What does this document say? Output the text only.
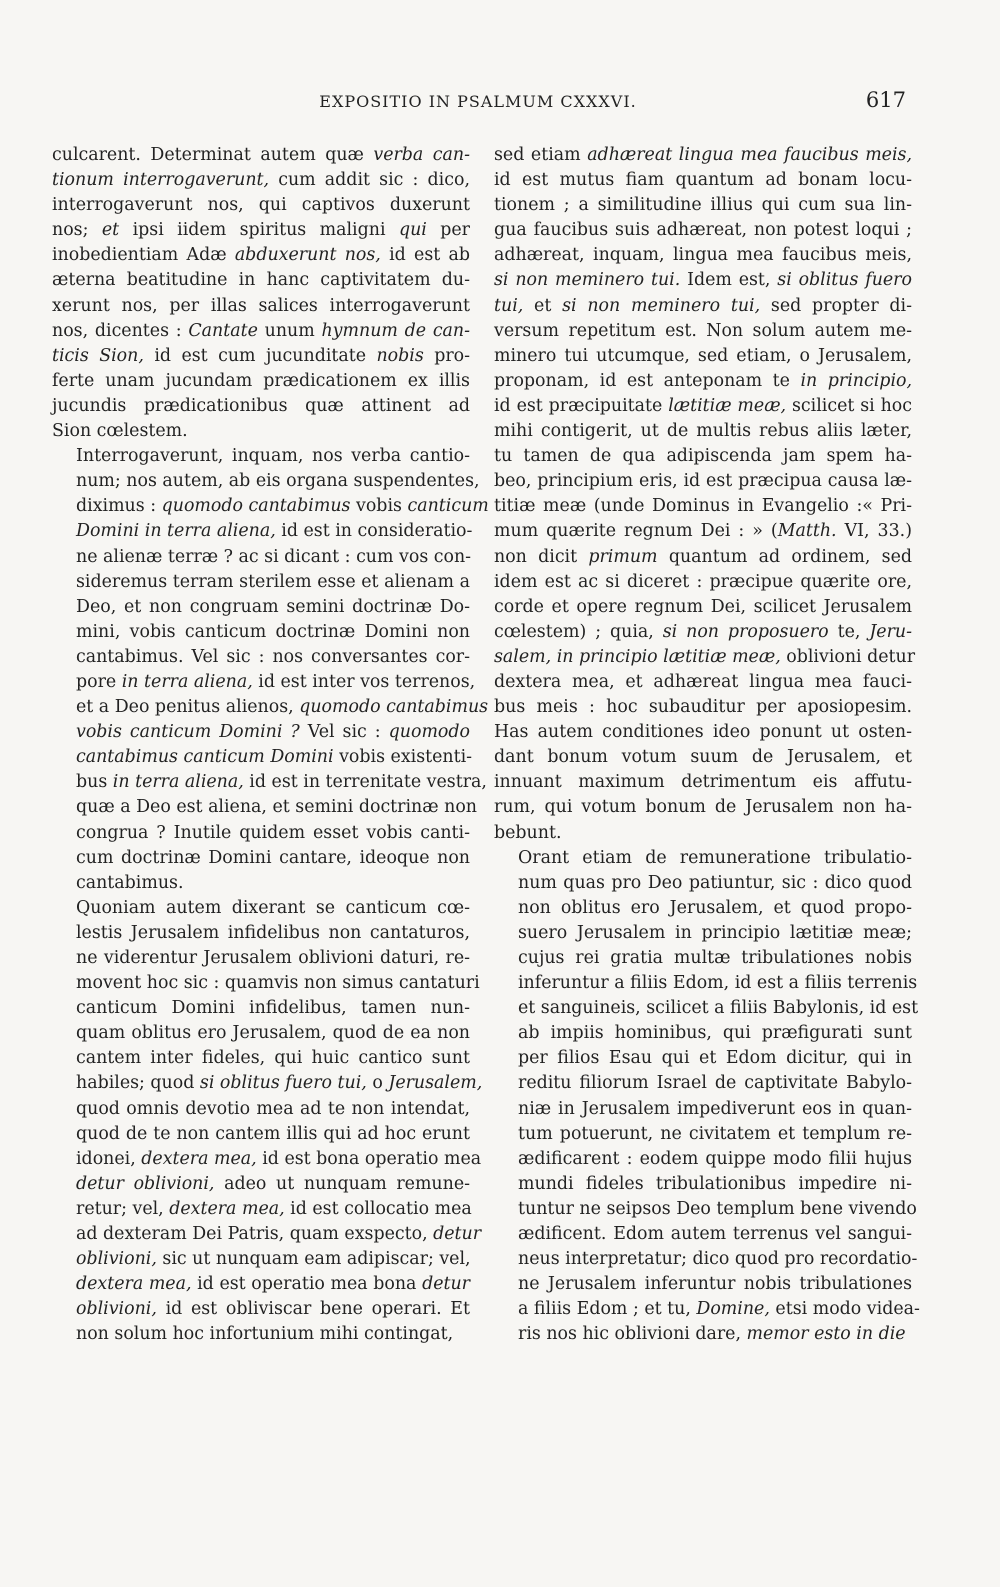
EXPOSITIO IN PSALMUM CXXXVI.	617

culcarent. Determinat autem quæ verba can-
tionum interrogaverunt, cum addit sic : dico,
interrogaverunt nos, qui captivos duxerunt
nos; et ipsi iidem spiritus maligni qui per
inobedientiam Adæ abduxerunt nos, id est ab
æterna beatitudine in hanc captivitatem du-
xerunt nos, per illas salices interrogaverunt
nos, dicentes : Cantate unum hymnum de can-
ticis Sion, id est cum jucunditate nobis pro-
ferte unam jucundam prædicationem ex illis
jucundis prædicationibus quæ attinent ad
Sion cœlestem.

Interrogaverunt, inquam, nos verba cantio-
num; nos autem, ab eis organa suspendentes,
diximus : quomodo cantabimus vobis canticum
Domini in terra aliena, id est in consideratio-
ne alienæ terræ ? ac si dicant : cum vos con-
sideremus terram sterilem esse et alienam a
Deo, et non congruam semini doctrinæ Do-
mini, vobis canticum doctrinæ Domini non
cantabimus. Vel sic : nos conversantes cor-
pore in terra aliena, id est inter vos terrenos,
et a Deo penitus alienos, quomodo cantabimus
vobis canticum Domini ? Vel sic : quomodo
cantabimus canticum Domini vobis existenti-
bus in terra aliena, id est in terrenitate vestra,
quæ a Deo est aliena, et semini doctrinæ non
congrua ? Inutile quidem esset vobis canti-
cum doctrinæ Domini cantare, ideoque non
cantabimus.

Quoniam autem dixerant se canticum cœ-
lestis Jerusalem infidelibus non cantaturos,
ne viderentur Jerusalem oblivioni daturi, re-
movent hoc sic : quamvis non simus cantaturi
canticum Domini infidelibus, tamen nun-
quam oblitus ero Jerusalem, quod de ea non
cantem inter fideles, qui huic cantico sunt
habiles; quod si oblitus fuero tui, o Jerusalem,
quod omnis devotio mea ad te non intendat,
quod de te non cantem illis qui ad hoc erunt
idonei, dextera mea, id est bona operatio mea
detur oblivioni, adeo ut nunquam remune-
retur; vel, dextera mea, id est collocatio mea
ad dexteram Dei Patris, quam exspecto, detur
oblivioni, sic ut nunquam eam adipiscar; vel,
dextera mea, id est operatio mea bona detur
oblivioni, id est obliviscar bene operari. Et
non solum hoc infortunium mihi contingat,

sed etiam adhæreat lingua mea faucibus meis,
id est mutus fiam quantum ad bonam locu-
tionem ; a similitudine illius qui cum sua lin-
gua faucibus suis adhæreat, non potest loqui ;
adhæreat, inquam, lingua mea faucibus meis,
si non meminero tui. Idem est, si oblitus fuero
tui, et si non meminero tui, sed propter di-
versum repetitum est. Non solum autem me-
minero tui utcumque, sed etiam, o Jerusalem,
proponam, id est anteponam te in principio,
id est præcipuitate lætitiæ meæ, scilicet si hoc
mihi contigerit, ut de multis rebus aliis læter,
tu tamen de qua adipiscenda jam spem ha-
beo, principium eris, id est præcipua causa læ-
titiæ meæ (unde Dominus in Evangelio :« Pri-
mum quærite regnum Dei : » (Matth. VI, 33.)
non dicit primum quantum ad ordinem, sed
idem est ac si diceret : præcipue quærite ore,
corde et opere regnum Dei, scilicet Jerusalem
cœlestem) ; quia, si non proposuero te, Jeru-
salem, in principio lætitiæ meæ, oblivioni detur
dextera mea, et adhæreat lingua mea fauci-
bus meis : hoc subauditur per aposiopesim.
Has autem conditiones ideo ponunt ut osten-
dant bonum votum suum de Jerusalem, et
innuant maximum detrimentum eis affutu-
rum, qui votum bonum de Jerusalem non ha-
bebunt.

Orant etiam de remuneratione tribulatio-
num quas pro Deo patiuntur, sic : dico quod
non oblitus ero Jerusalem, et quod propo-
suero Jerusalem in principio lætitiæ meæ;
cujus rei gratia multæ tribulationes nobis
inferuntur a filiis Edom, id est a filiis terrenis
et sanguineis, scilicet a filiis Babylonis, id est
ab impiis hominibus, qui præfigurati sunt
per filios Esau qui et Edom dicitur, qui in
reditu filiorum Israel de captivitate Babylo-
niæ in Jerusalem impediverunt eos in quan-
tum potuerunt, ne civitatem et templum re-
ædificarent : eodem quippe modo filii hujus
mundi fideles tribulationibus impedire ni-
tuntur ne seipsos Deo templum bene vivendo
ædificent. Edom autem terrenus vel sangui-
neus interpretatur; dico quod pro recordatio-
ne Jerusalem inferuntur nobis tribulationes
a filiis Edom ; et tu, Domine, etsi modo videa-
ris nos hic oblivioni dare, memor esto in die
